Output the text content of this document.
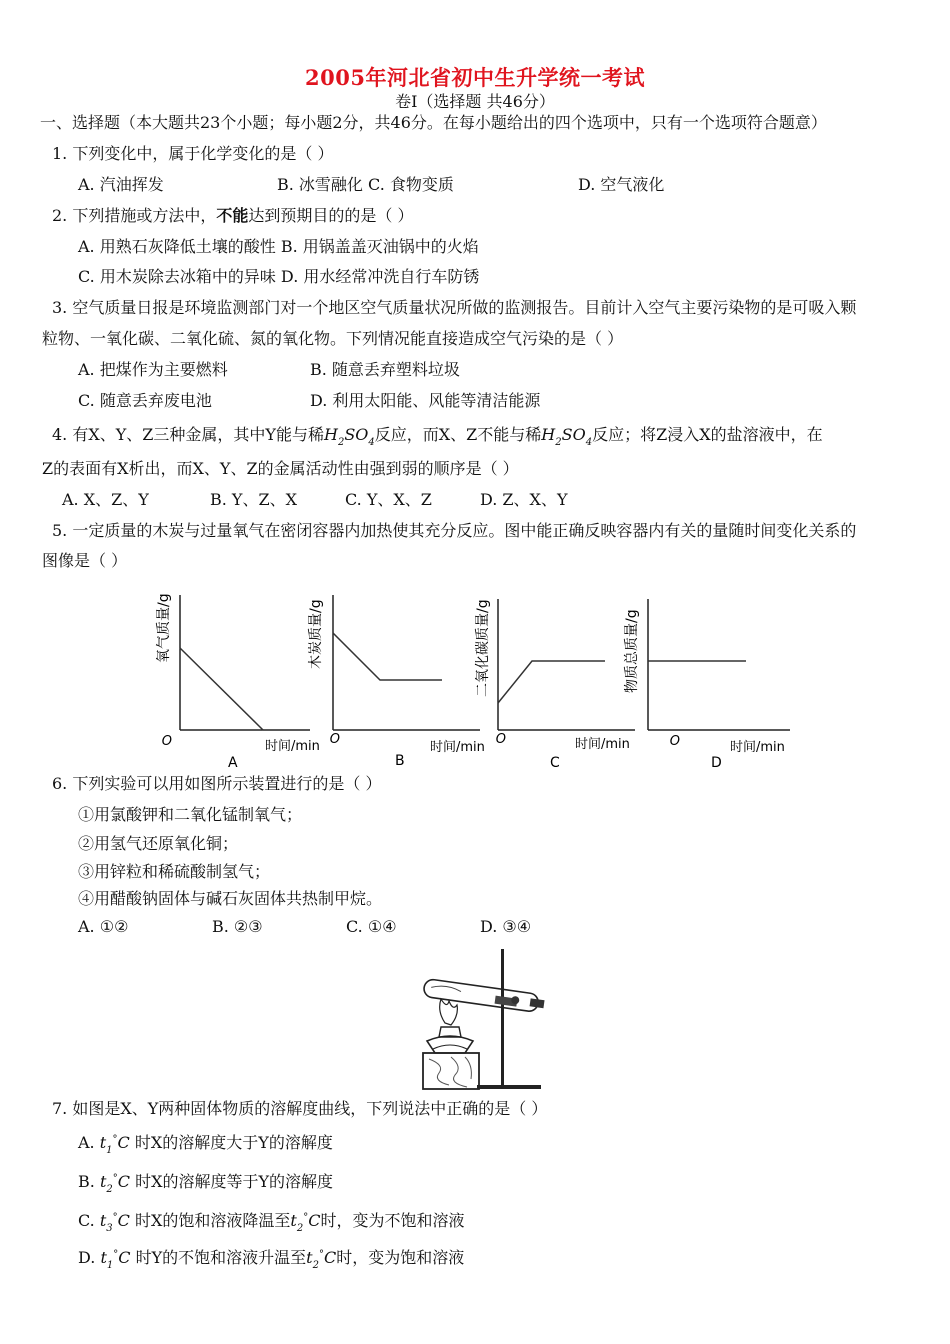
2005年河北省初中生升学统一考试
卷Ⅰ（选择题 共46分）
一、选择题（本大题共23个小题；每小题2分，共46分。在每小题给出的四个选项中，只有一个选项符合题意）
1. 下列变化中，属于化学变化的是（ ）
A. 汽油挥发	B. 冰雪融化 C. 食物变质	D. 空气液化
2. 下列措施或方法中，不能达到预期目的的是（ ）
A. 用熟石灰降低土壤的酸性 B. 用锅盖盖灭油锅中的火焰
C. 用木炭除去冰箱中的异味 D. 用水经常冲洗自行车防锈
3. 空气质量日报是环境监测部门对一个地区空气质量状况所做的监测报告。目前计入空气主要污染物的是可吸入颗
粒物、一氧化碳、二氧化硫、氮的氧化物。下列情况能直接造成空气污染的是（ ）
A. 把煤作为主要燃料	B. 随意丢弃塑料垃圾
C. 随意丢弃废电池	D. 利用太阳能、风能等清洁能源
4. 有X、Y、Z三种金属，其中Y能与稀$H_2SO_4$反应，而X、Z不能与稀$H_2SO_4$反应；将Z浸入X的盐溶液中，在
Z的表面有X析出，而X、Y、Z的金属活动性由强到弱的顺序是（ ）
A. X、Z、Y	B. Y、Z、X	C. Y、X、Z	D. Z、X、Y
5. 一定质量的木炭与过量氧气在密闭容器内加热使其充分反应。图中能正确反映容器内有关的量随时间变化关系的
图像是（ ）
O	时间/min
A
氧气质量/g
O
时间/min
B
木炭质量/g
O	时间/min
C
二氧化碳质量/g
O	时间/min
D
物质总质量/g
6. 下列实验可以用如图所示装置进行的是（ ）
①用氯酸钾和二氧化锰制氧气；
②用氢气还原氧化铜；
③用锌粒和稀硫酸制氢气；
④用醋酸钠固体与碱石灰固体共热制甲烷。
A. ①②	B. ②③	C. ①④	D. ③④
7. 如图是X、Y两种固体物质的溶解度曲线，下列说法中正确的是（ ）
A. $t_1^\circ C$ 时X的溶解度大于Y的溶解度
B. $t_2^\circ C$ 时X的溶解度等于Y的溶解度
C. $t_3^\circ C$ 时X的饱和溶液降温至$t_2^\circ C$时，变为不饱和溶液
D. $t_1^\circ C$ 时Y的不饱和溶液升温至$t_2^\circ C$时，变为饱和溶液
